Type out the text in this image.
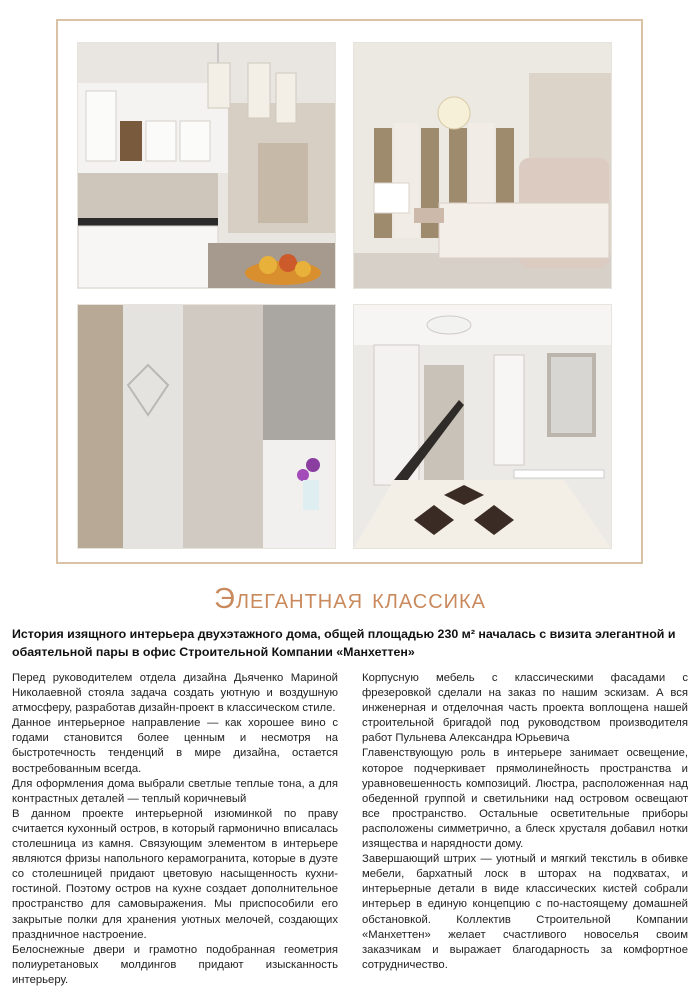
Элегантная классика
История изящного интерьера двухэтажного дома, общей площадью 230 м² началась с визита элегантной и обаятельной пары в офис Строительной Компании «Манхеттен»

Перед руководителем отдела дизайна Дьяченко Мариной Николаевной стояла задача создать уютную и воздушную атмосферу, разработав дизайн-проект в классическом стиле.

Данное интерьерное направление — как хорошее вино с годами становится более ценным и несмотря на быстротечность тенденций в мире дизайна, остается востребованным всегда.

Для оформления дома выбрали светлые теплые тона, а для контрастных деталей — теплый коричневый

В данном проекте интерьерной изюминкой по праву считается кухонный остров, в который гармонично вписалась столешница из камня. Связующим элементом в интерьере являются фризы напольного керамогранита, которые в дуэте со столешницей придают цветовую насыщенность кухни-гостиной. Поэтому остров на кухне создает дополнительное пространство для самовыражения. Мы приспособили его закрытые полки для хранения уютных мелочей, создающих праздничное настроение.

Белоснежные двери и грамотно подобранная геометрия полиуретановых молдингов придают изысканность интерьеру.

Корпусную мебель с классическими фасадами с фрезеровкой сделали на заказ по нашим эскизам. А вся инженерная и отделочная часть проекта воплощена нашей строительной бригадой под руководством производителя работ Пульнева Александра Юрьевича

Главенствующую роль в интерьере занимает освещение, которое подчеркивает прямолинейность пространства и уравновешенность композиций. Люстра, расположенная над обеденной группой и светильники над островом освещают все пространство. Остальные осветительные приборы расположены симметрично, а блеск хрусталя добавил нотки изящества и нарядности дому.

Завершающий штрих — уютный и мягкий текстиль в обивке мебели, бархатный лоск в шторах на подхватах, и интерьерные детали в виде классических кистей собрали интерьер в единую концепцию с по-настоящему домашней обстановкой. Коллектив Строительной Компании «Манхеттен» желает счастливого новоселья своим заказчикам и выражает благодарность за комфортное сотрудничество.
